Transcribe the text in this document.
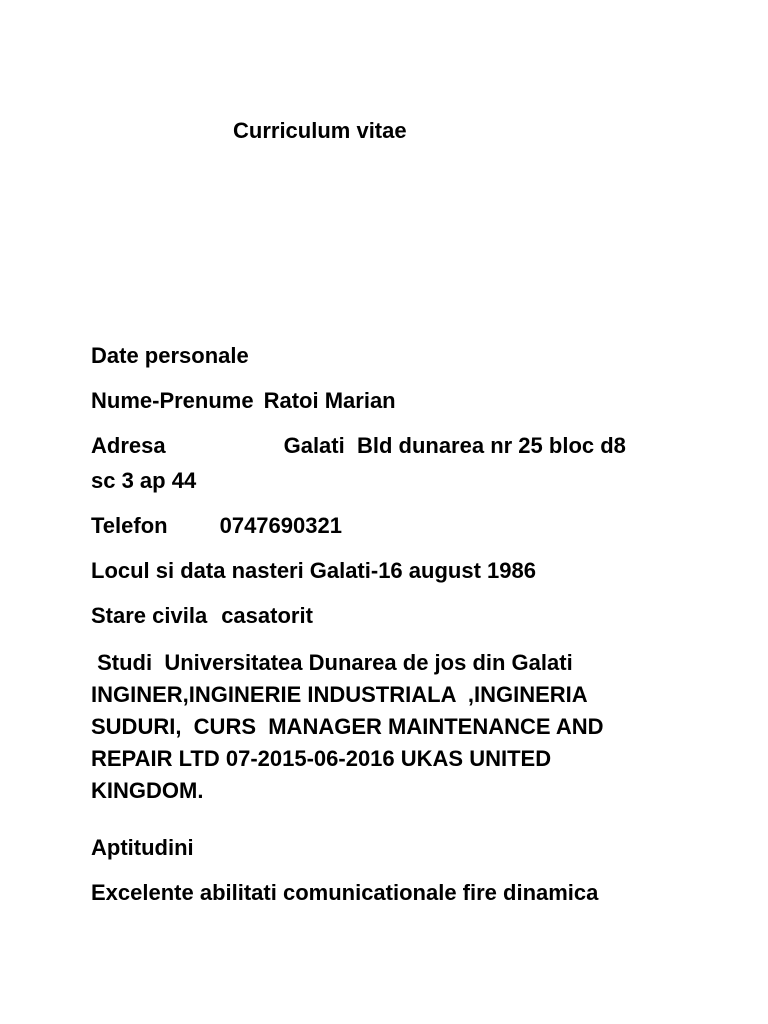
Curriculum vitae

Date personale

Nume-Prenume Ratoi Marian

Adresa	Galati  Bld dunarea nr 25 bloc d8

sc 3 ap 44

Telefon 0747690321

Locul si data nasteri Galati-16 august 1986

Stare civila casatorit

Studi  Universitatea Dunarea de jos din Galati
INGINER,INGINERIE INDUSTRIALA  ,INGINERIA
SUDURI,  CURS  MANAGER MAINTENANCE AND
REPAIR LTD 07-2015-06-2016 UKAS UNITED
KINGDOM.

Aptitudini

Excelente abilitati comunicationale fire dinamica
